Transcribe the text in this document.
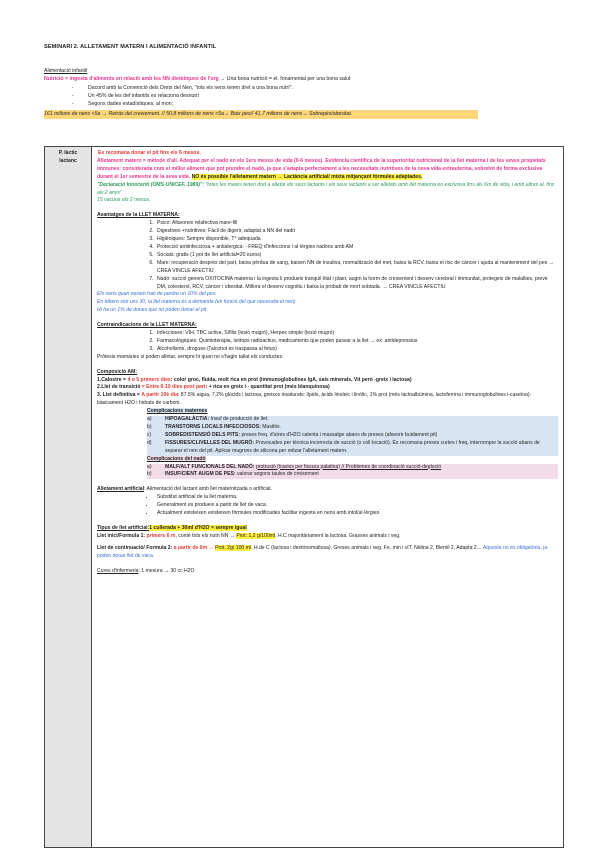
SEMINARI 2. ALLETAMENT MATERN I ALIMENTACIÓ INFANTIL

Alimentació infantil

Nutrició = ingesta d'aliments en relació amb les NN dietètiques de l'org → Una bona nutrició = el. fonamental per una bona salut

- Dacord amb la Convenció dels Drets del Nen, "tots els nens tenen dret a una bona nutrí".
- Un 45% de les def infantils es relaciona desnutri
- Segons dades estadístiques, al mon;
161 milions de nens <5a → Retràs del creixement. // 50,8 milions de nens <5a→ Baix pes// 41,7 milions de nens→ Sobrepès/obesitat.
P. làctic
lactanc

Es recomana donar el pit fins els 6 mesos.

Alletament matern = mètode d'ali. Adequat per el nadó en els 1ers mesos de vida (0-6 mesos). Evidència científica de la superioritat nutricional de la llet materna i de les seves propietats immunes: considerada com el millor aliment que pot prendre el nadó, ja que s'adapta perfectament a les necessitats nutritives de la nova vida extrauterina, sobretot de forma exclusiva durant el 1er semestre de la seva vida. NO és possible l'alletament matern → Lactància artificial/ mixta mitjançant fórmules adaptades.

"Declaració Innocenti (OMS-UNICEF. 1989)": "totes les mares tenen dret a alletar els seus lactants i els seus lactants a ser alletats amb llet materna en exclusiva fins als 6m de vida, i amb altres al. fins als 2 anys"

15 vacuna als 2 mesos.

Avantatges de la LLET MATERNA:

1. Psico: Afavoreix relafectiva mare-fill
2. Digestives +nutritives: Fàcil de digerir, adaptat a NN del nadó
3. Higièniques: Sempre disponible, T° adequada
4. Protecció antiinfecciosa + antialergica: - FREQ d'infeccions i al·lèrgies nadons amb AM
5. Socials: gratis (1 pot de llet artificial=20 euros)
6. Mare: recuperació després del part, baixa pèrdua de sang, baixen NN de insulina, normalització del met, baixa la RCV, baixa el risc de càncer i ajuda al manteniment del pes → CREA VINCLE AFECTIU
7. Nadó: succió genera OXITOCINA materna i la ingesta li produeix tranquil·litat i plaer, augm la horm de creixement i desenv cerebral i immunitat, protegeix de malalties, prevé DM, colesterol, RCV, càncer i obesitat. Millora el desenv cognitiu i baixa la probab de mort sobtada. → CREA VINCLE AFECTIU

Els nens quan neixen han de perdre un 10% del pes.

En biberó són uns 30, la llet materna és a demanda (en funció del que necessita el nen)

Hi ha un 1% de dones que no poden donar el pit.

Contraindicacions de la LLET MATERNA:

1. Infeccioses: VIH, TBC activa, Sífilis (lesió mugró), Herpes simple (lesió mugró)
2. Farmacològiques: Quimioteràpia, isòtops radioactius, medicaments que poden passar a la llet → ex: antidepressius
3. Alcoholisme, drogues (l'alcohol es traspassa al fetus)

Pròtesis mamàries si poden alletar, sempre hi quan no s'hagin tallat els conductes.

Composició AM:

1.Calostre = 4 o 5 primers dies: color groc, fluida, molt rica en prot (immunoglobulines IgA, sals minerals, Vit però -greix i lactosa)

2.Llet de transició = Entre 6-10 dies post part: + rica en greix i - quantitat prot (més blanquinosa)

3. Llet definitiva = A partir 10è dia: 87.5% aigua, 7,2% glúcids i lactosa, greixos insaturats: lípids, àcids linoleic i linòlic, 1% prot (més lactoalbúmina, lactoferrina i immunoglobulines i-caseïna): bàsicament H2O i hidrats de carboni.

Complicacions maternes

a)	HIPOAGALÀCTIA: Insuf de producció de llet.
b)	TRANSTORNS LOCALS INFECCIOSOS: Mastitis.
c)	SOBREDISTENSIÓ DELS PITS: preses freq. d'utres d'H2O calenta i massatge abans de preses (afavorir buidament pit)
d)	FISSURES/CLIVELLES DEL MUGRÓ: Provocades per tècnica incorrecta de succió (o coll·locació). Es recomana preses curtes i freq, interrompre la succió abans de separar el nen del pit. Aplicar mugrons de silicona per reitzar l'alletament matern.

Complicacions del nadó

a)	MALF/ALT FUNCIONALS DEL NADÓ: protrusió (travies per fissura palatina) // Problemes de coordinació succió-deglució
b)	INSUFICIENT AUGM DE PES: valorar segons taules de creixement

Alletament artificial: Alimentació del lactant amb llet maternitzada o artificial.

• Substitut artificial de la llet materna.
• Generalment es produeix a partir de llet de vaca.
• Actualment existeixen existeixen fórmules modificades facilitar ingesta en nens amb intol/al·lèrgies

Tipus de llet artificial:1 cullerada + 30ml d'H2O = sempre igual

Llet inici/Formula 1: primers 6 m, conté tots els nutri NN → Prot: 1,2 g/100ml. H.C majoritàriament la lactosa. Grasses animals i veg.

Llet de continuació/ Formula 2: a partir de 6m → Prot. 2g/ 100 ml. H.de C (lactosa i dextrinomaltosa). Greses animals i veg. Fe, min i vIT. Nidina 2, Blemil 2, Adapta 2… Aquesta no és obligatòria, ja poden donar llet de vaca.

Cures d'infermeria: 1 mesura → 30 cc H2O
